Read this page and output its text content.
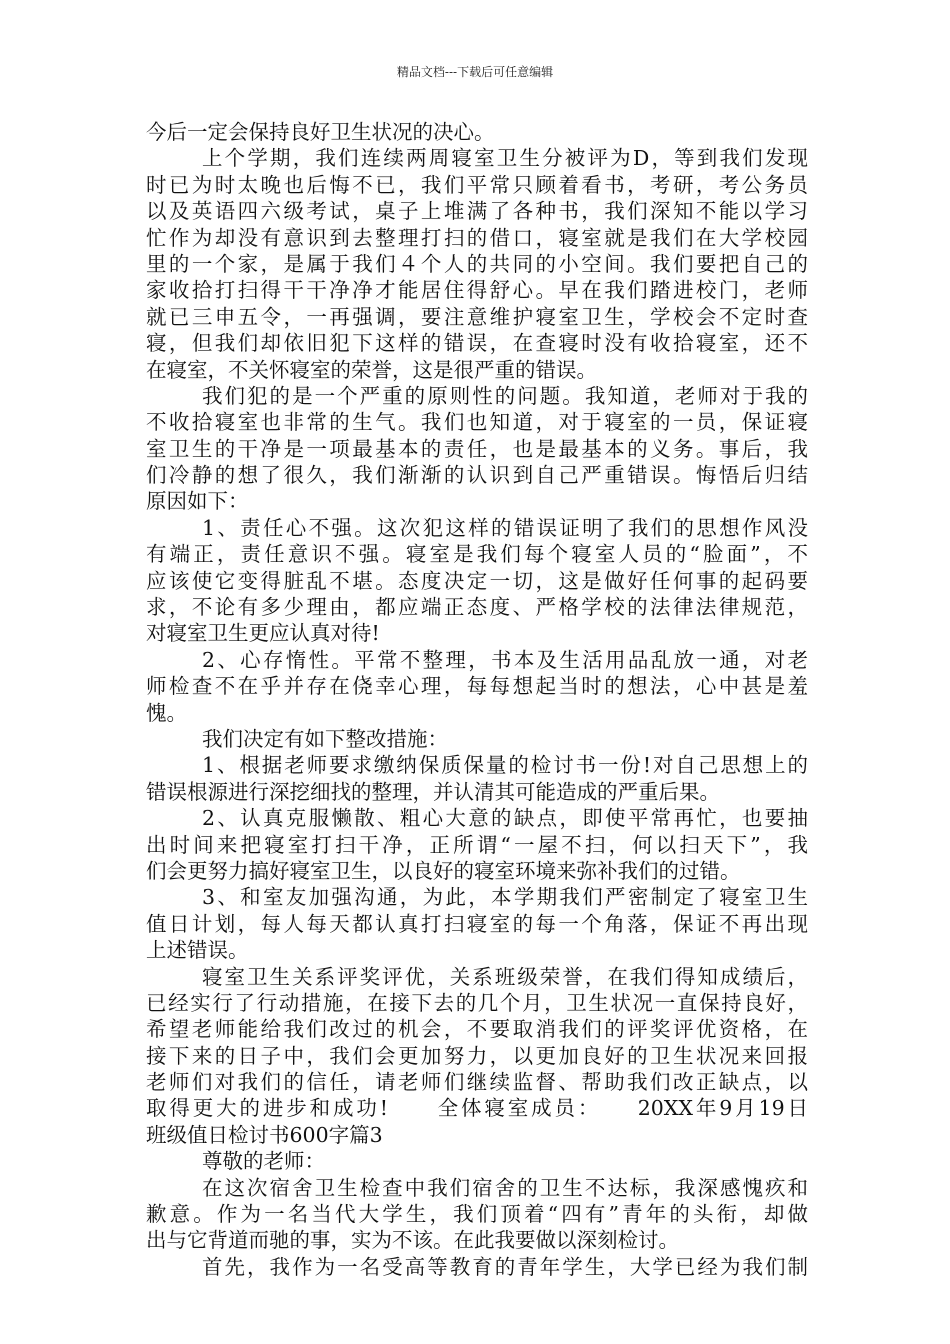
精品文档---下载后可任意编辑
今后一定会保持良好卫生状况的决心。
上个学期，我们连续两周寝室卫生分被评为D，等到我们发现
时已为时太晚也后悔不已，我们平常只顾着看书，考研，考公务员
以及英语四六级考试，桌子上堆满了各种书，我们深知不能以学习
忙作为却没有意识到去整理打扫的借口，寝室就是我们在大学校园
里的一个家，是属于我们４个人的共同的小空间。我们要把自己的
家收拾打扫得干干净净才能居住得舒心。早在我们踏进校门，老师
就已三申五令，一再强调，要注意维护寝室卫生，学校会不定时查
寝，但我们却依旧犯下这样的错误，在查寝时没有收拾寝室，还不
在寝室，不关怀寝室的荣誉，这是很严重的错误。
我们犯的是一个严重的原则性的问题。我知道，老师对于我的
不收拾寝室也非常的生气。我们也知道，对于寝室的一员，保证寝
室卫生的干净是一项最基本的责任，也是最基本的义务。事后，我
们冷静的想了很久，我们渐渐的认识到自己严重错误。悔悟后归结
原因如下：
1、责任心不强。这次犯这样的错误证明了我们的思想作风没
有端正，责任意识不强。寝室是我们每个寝室人员的“脸面”，不
应该使它变得脏乱不堪。态度决定一切，这是做好任何事的起码要
求，不论有多少理由，都应端正态度、严格学校的法律法律规范，
对寝室卫生更应认真对待!
2、心存惰性。平常不整理，书本及生活用品乱放一通，对老
师检查不在乎并存在侥幸心理，每每想起当时的想法，心中甚是羞
愧。
我们决定有如下整改措施：
1、根据老师要求缴纳保质保量的检讨书一份!对自己思想上的
错误根源进行深挖细找的整理，并认清其可能造成的严重后果。
2、认真克服懒散、粗心大意的缺点，即使平常再忙，也要抽
出时间来把寝室打扫干净，正所谓“一屋不扫，何以扫天下”，我
们会更努力搞好寝室卫生，以良好的寝室环境来弥补我们的过错。
3、和室友加强沟通，为此，本学期我们严密制定了寝室卫生
值日计划，每人每天都认真打扫寝室的每一个角落，保证不再出现
上述错误。
寝室卫生关系评奖评优，关系班级荣誉，在我们得知成绩后，
已经实行了行动措施，在接下去的几个月，卫生状况一直保持良好，
希望老师能给我们改过的机会，不要取消我们的评奖评优资格，在
接下来的日子中，我们会更加努力，以更加良好的卫生状况来回报
老师们对我们的信任，请老师们继续监督、帮助我们改正缺点，以
取得更大的进步和成功!　　全体寝室成员：　　20XX年9月19日
班级值日检讨书600字篇3
尊敬的老师：
在这次宿舍卫生检查中我们宿舍的卫生不达标，我深感愧疚和
歉意。作为一名当代大学生，我们顶着“四有”青年的头衔，却做
出与它背道而驰的事，实为不该。在此我要做以深刻检讨。
首先，我作为一名受高等教育的青年学生，大学已经为我们制
